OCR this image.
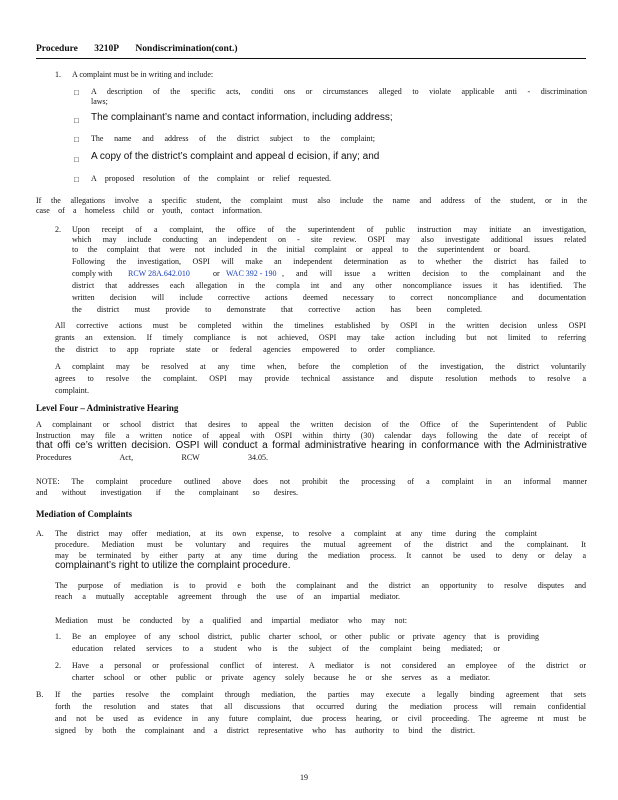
Procedure 3210P Nondiscrimination(cont.)
1. A complaint must be in writing and include:
□ A description of the specific acts, conditi ons or circumstances alleged to violate applicable anti - discrimination
laws;
□ The complainant’s name and contact information, including address;
□ The name and address of the district subject to the complaint;
□ A copy of the district’s complaint and appeal d ecision, if any; and
□ A proposed resolution of the complaint or relief requested.
If the allegations involve a specific student, the complaint must also include the name and address of the student, or in the
case of a homeless child or youth, contact information.
2. Upon receipt of a complaint, the office of the superintendent of public instruction may initiate an investigation,
which may include conducting an independent on - site review. OSPI may also investigate additional issues related
to the complaint that were not included in the initial complaint or appeal to the superintendent or board.
Following the investigation, OSPI will make an independent determination as to whether the district has failed to
comply with RCW 28A.642.010	or WAC 392 - 190 , and will issue a written decision to the complainant and the
district that addresses each allegation in the compla int and any other noncompliance issues it has identified. The
written decision will include corrective actions deemed necessary to correct noncompliance and documentation
the district must provide to demonstrate that corrective action has been completed.
All corrective actions must be completed within the timelines established by OSPI in the written decision unless OSPI
grants an extension. If timely compliance is not achieved, OSPI may take action including but not limited to referring
the district to app ropriate state or federal agencies empowered to order compliance.
A complaint may be resolved at any time when, before the completion of the investigation, the district voluntarily
agrees to resolve the complaint. OSPI may provide technical assistance and dispute resolution methods to resolve a
complaint.
Level Four – Administrative Hearing
A complainant or school district that desires to appeal the written decision of the Office of the Superintendent of Public
Instruction may file a written notice of appeal with OSPI within thirty (30) calendar days following the date of receipt of
that offi ce’s written decision. OSPI will conduct a formal administrative hearing in conformance with the Administrative
Procedures Act, RCW 34.05.
NOTE: The complaint procedure outlined above does not prohibit the processing of a complaint in an informal manner
and without investigation if the complainant so desires.
Mediation of Complaints
A. The district may offer mediation, at its own expense, to resolve a complaint at any time during the complaint
procedure. Mediation must be voluntary and requires the mutual agreement of the district and the complainant. It
may be terminated by either party at any time during the mediation process. It cannot be used to deny or delay a
complainant’s right to utilize the complaint procedure.
The purpose of mediation is to provid e both the complainant and the district an opportunity to resolve disputes and
reach a mutually acceptable agreement through the use of an impartial mediator.
Mediation must be conducted by a qualified and impartial mediator who may not:
1. Be an employee of any school district, public charter school, or other public or private agency that is providing
education related services to a student who is the subject of the complaint being mediated; or
2. Have a personal or professional conflict of interest. A mediator is not considered an employee of the district or
charter school or other public or private agency solely because he or she serves as a mediator.
B. If the parties resolve the complaint through mediation, the parties may execute a legally binding agreement that sets
forth the resolution and states that all discussions that occurred during the mediation process will remain confidential
and not be used as evidence in any future complaint, due process hearing, or civil proceeding. The agreeme nt must be
signed by both the complainant and a district representative who has authority to bind the district.
19
